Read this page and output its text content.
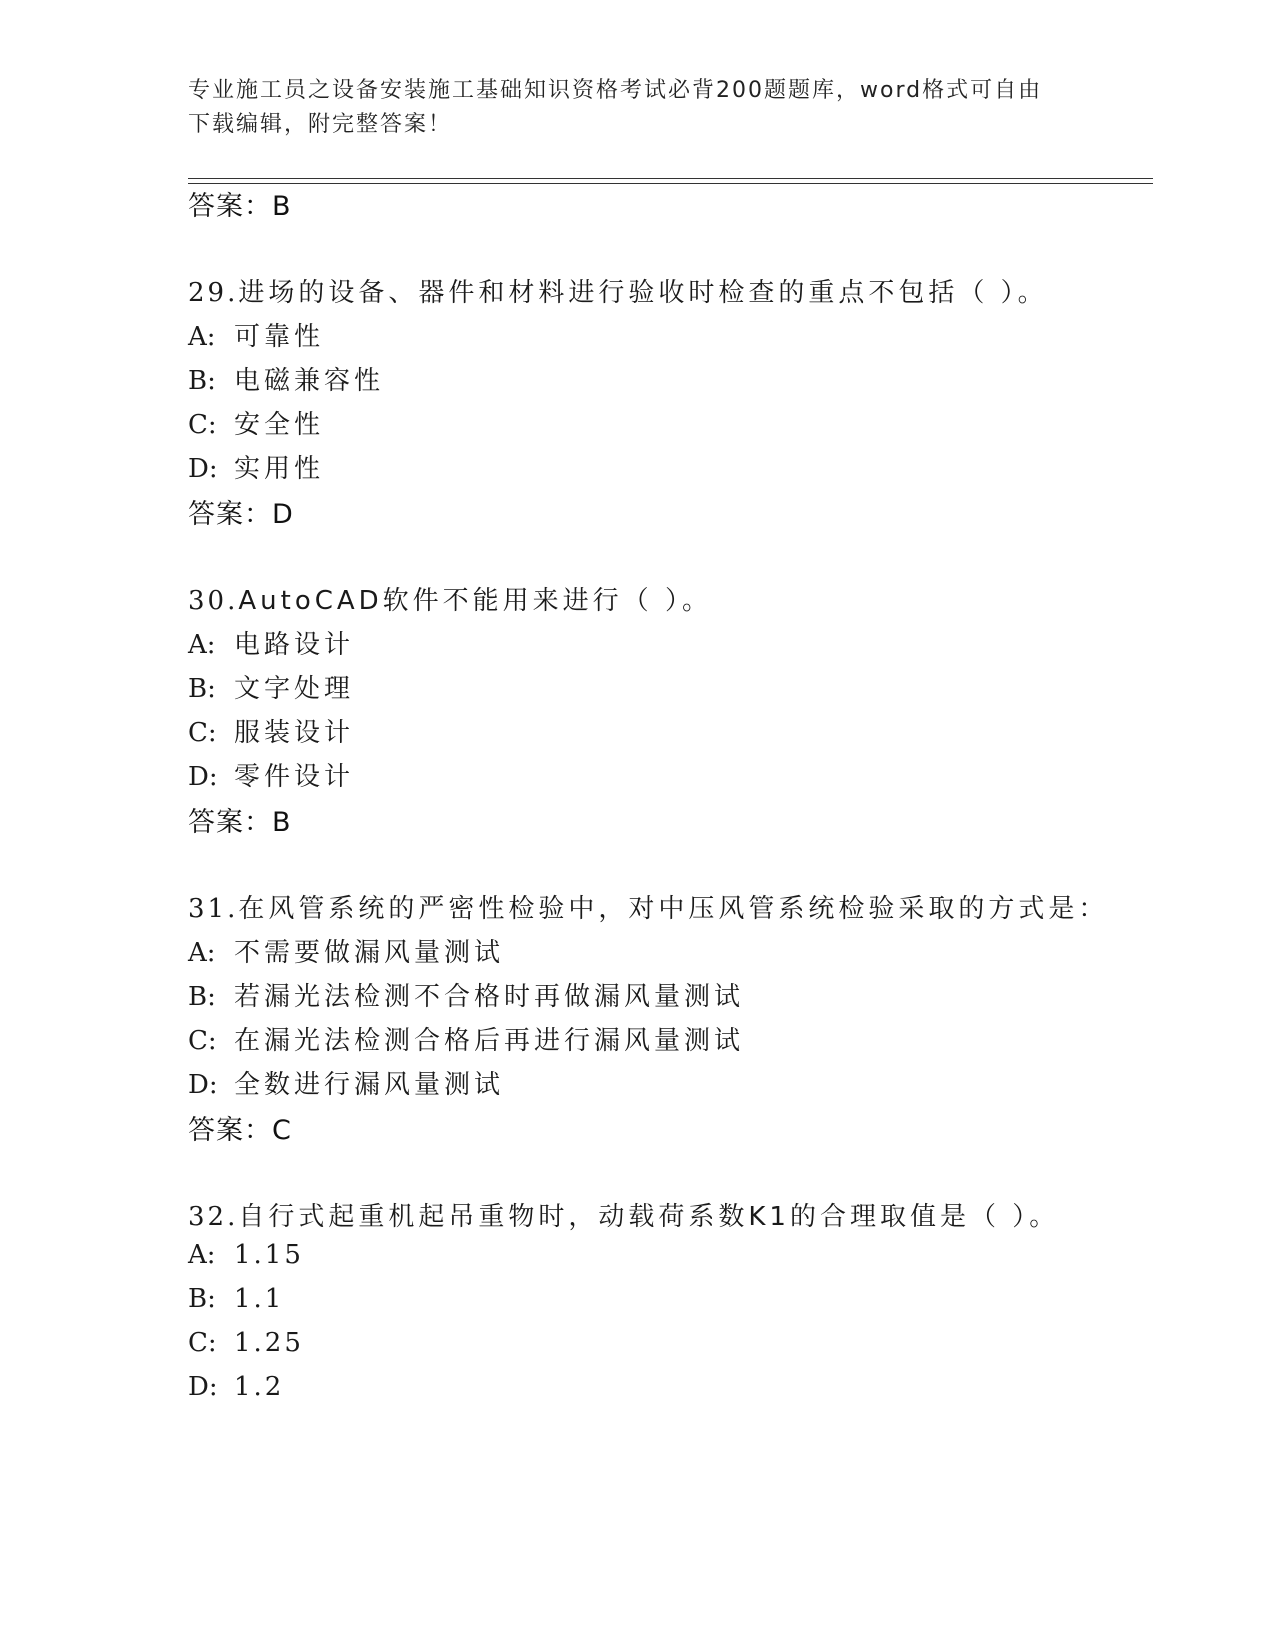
专业施工员之设备安装施工基础知识资格考试必背200题题库，word格式可自由
下载编辑，附完整答案！
答案：B
29.进场的设备、器件和材料进行验收时检查的重点不包括（ ）。
A: 可靠性
B: 电磁兼容性
C: 安全性
D: 实用性
答案：D
30.AutoCAD软件不能用来进行（ ）。
A: 电路设计
B: 文字处理
C: 服装设计
D: 零件设计
答案：B
31.在风管系统的严密性检验中，对中压风管系统检验采取的方式是：
A: 不需要做漏风量测试
B: 若漏光法检测不合格时再做漏风量测试
C: 在漏光法检测合格后再进行漏风量测试
D: 全数进行漏风量测试
答案：C
32.自行式起重机起吊重物时，动载荷系数K1的合理取值是（ ）。
A: 1.15
B: 1.1
C: 1.25
D: 1.2
